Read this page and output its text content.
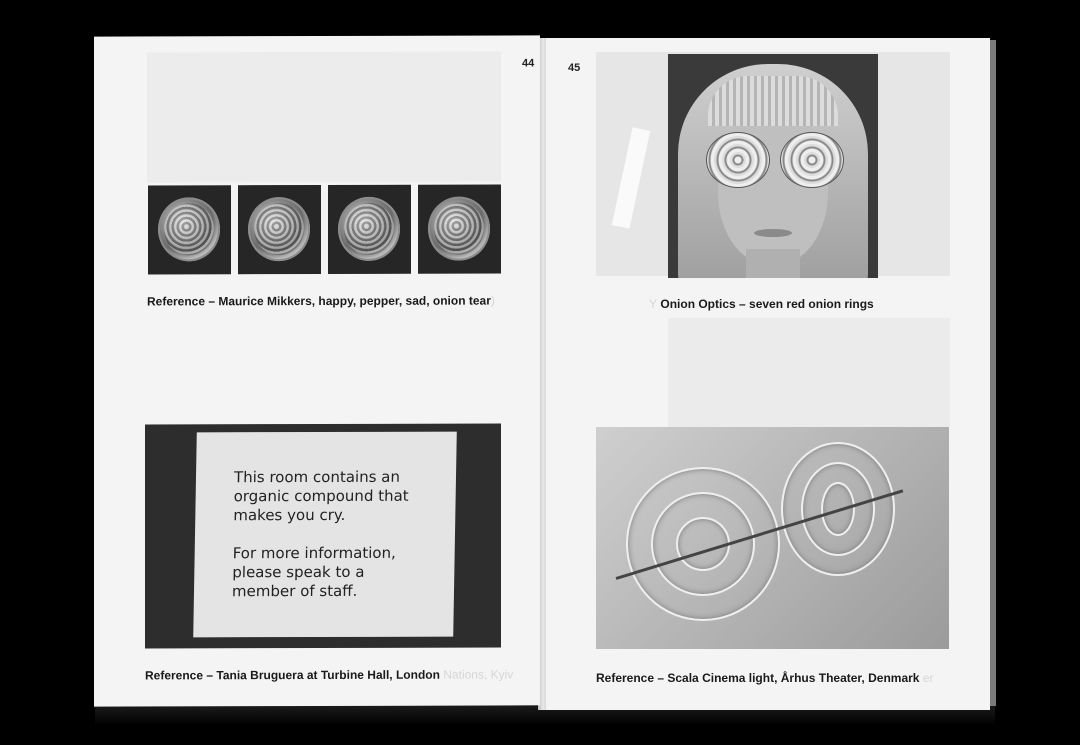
44
Reference – Maurice Mikkers, happy, pepper, sad, onion tear)

This room contains an organic compound that makes you cry.

For more information, please speak to a member of staff.

Reference – Tania Bruguera at Turbine Hall, London Nations, Kyiv
45
Y Onion Optics – seven red onion rings
Reference – Scala Cinema light, Århus Theater, Denmark er
